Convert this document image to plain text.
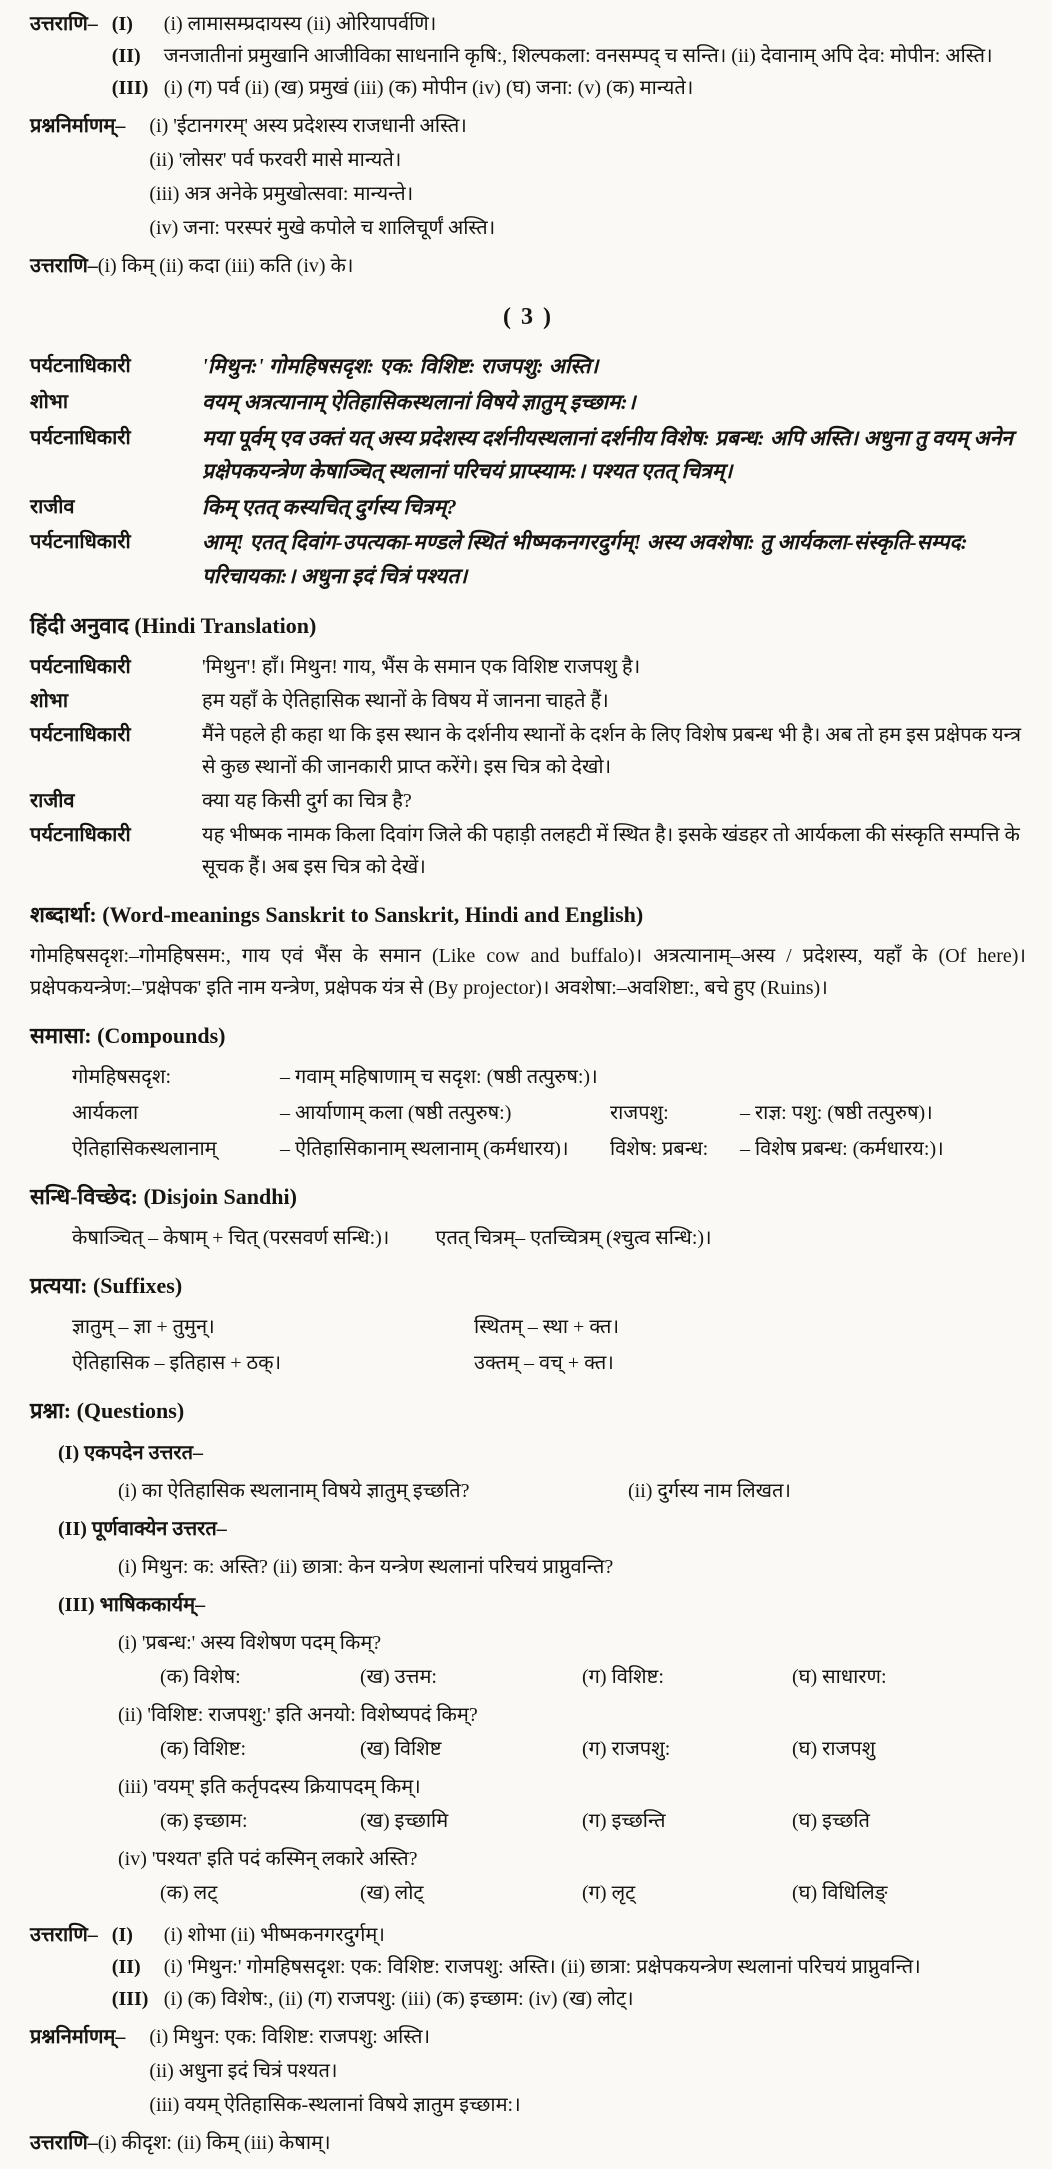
उत्तराणि– (I)	(i) लामासम्प्रदायस्य (ii) ओरियापर्वणि।
(II)	जनजातीनां प्रमुखानि आजीविका साधनानि कृषि:, शिल्पकला: वनसम्पद् च सन्ति। (ii) देवानाम् अपि देव: मोपीन: अस्ति।
(III) (i) (ग) पर्व (ii) (ख) प्रमुखं (iii) (क) मोपीन (iv) (घ) जना: (v) (क) मान्यते।
प्रश्ननिर्माणम्–	(i) 'ईटानगरम्' अस्य प्रदेशस्य राजधानी अस्ति।
(ii) 'लोसर' पर्व फरवरी मासे मान्यते।
(iii) अत्र अनेके प्रमुखोत्सवा: मान्यन्ते।
(iv) जना: परस्परं मुखे कपोले च शालिचूर्णं अस्ति।
उत्तराणि–(i) किम् (ii) कदा (iii) कति (iv) के।
( 3 )
पर्यटनाधिकारी	'मिथुन:' गोमहिषसदृश: एक: विशिष्ट: राजपशु: अस्ति।
शोभा	वयम् अत्रत्यानाम् ऐतिहासिकस्थलानां विषये ज्ञातुम् इच्छाम:।
पर्यटनाधिकारी	मया पूर्वम् एव उक्तं यत् अस्य प्रदेशस्य दर्शनीयस्थलानां दर्शनीय विशेष: प्रबन्ध: अपि अस्ति। अधुना तु वयम् अनेन प्रक्षेपकयन्त्रेण केषाञ्चित् स्थलानां परिचयं प्राप्स्याम:। पश्यत एतत् चित्रम्।
राजीव	किम् एतत् कस्यचित् दुर्गस्य चित्रम्?
पर्यटनाधिकारी	आम्! एतत् दिवांग-उपत्यका-मण्डले स्थितं भीष्मकनगरदुर्गम्! अस्य अवशेषा: तु आर्यकला-संस्कृति-सम्पद: परिचायका:। अधुना इदं चित्रं पश्यत।
हिंदी अनुवाद (Hindi Translation)
पर्यटनाधिकारी	'मिथुन'! हाँ। मिथुन! गाय, भैंस के समान एक विशिष्ट राजपशु है।
शोभा	हम यहाँ के ऐतिहासिक स्थानों के विषय में जानना चाहते हैं।
पर्यटनाधिकारी	मैंने पहले ही कहा था कि इस स्थान के दर्शनीय स्थानों के दर्शन के लिए विशेष प्रबन्ध भी है। अब तो हम इस प्रक्षेपक यन्त्र से कुछ स्थानों की जानकारी प्राप्त करेंगे। इस चित्र को देखो।
राजीव	क्या यह किसी दुर्ग का चित्र है?
पर्यटनाधिकारी	यह भीष्मक नामक किला दिवांग जिले की पहाड़ी तलहटी में स्थित है। इसके खंडहर तो आर्यकला की संस्कृति सम्पत्ति के सूचक हैं। अब इस चित्र को देखें।
शब्दार्था: (Word-meanings Sanskrit to Sanskrit, Hindi and English)
गोमहिषसदृश:–गोमहिषसम:, गाय एवं भैंस के समान (Like cow and buffalo)। अत्रत्यानाम्–अस्य / प्रदेशस्य, यहाँ के (Of here)। प्रक्षेपकयन्त्रेण:–'प्रक्षेपक' इति नाम यन्त्रेण, प्रक्षेपक यंत्र से (By projector)। अवशेषा:–अवशिष्टा:, बचे हुए (Ruins)।
समासा: (Compounds)
गोमहिषसदृश:	– गवाम् महिषाणाम् च सदृश: (षष्ठी तत्पुरुष:)।
आर्यकला	– आर्याणाम् कला (षष्ठी तत्पुरुष:)	राजपशु:	– राज्ञ: पशु: (षष्ठी तत्पुरुष)।
ऐतिहासिकस्थलानाम्	– ऐतिहासिकानाम् स्थलानाम् (कर्मधारय)।	विशेष: प्रबन्ध:	– विशेष प्रबन्ध: (कर्मधारय:)।
सन्धि-विच्छेद: (Disjoin Sandhi)
केषाञ्चित् – केषाम् + चित् (परसवर्ण सन्धि:)। एतत् चित्रम्– एतच्चित्रम् (श्चुत्व सन्धि:)।
प्रत्यया: (Suffixes)
ज्ञातुम् – ज्ञा + तुमुन्।	स्थितम् – स्था + क्त।
ऐतिहासिक – इतिहास + ठक्।	उक्तम् – वच् + क्त।
प्रश्ना: (Questions)
(I) एकपदेन उत्तरत–
(i) का ऐतिहासिक स्थलानाम् विषये ज्ञातुम् इच्छति?	(ii) दुर्गस्य नाम लिखत।
(II) पूर्णवाक्येन उत्तरत–
(i) मिथुन: क: अस्ति? (ii) छात्रा: केन यन्त्रेण स्थलानां परिचयं प्राप्नुवन्ति?
(III) भाषिककार्यम्–
(i) 'प्रबन्ध:' अस्य विशेषण पदम् किम्?
(क) विशेष:	(ख) उत्तम:	(ग) विशिष्ट:	(घ) साधारण:
(ii) 'विशिष्ट: राजपशु:' इति अनयो: विशेष्यपदं किम्?
(क) विशिष्ट:	(ख) विशिष्ट	(ग) राजपशु:	(घ) राजपशु
(iii) 'वयम्' इति कर्तृपदस्य क्रियापदम् किम्।
(क) इच्छाम:	(ख) इच्छामि	(ग) इच्छन्ति	(घ) इच्छति
(iv) 'पश्यत' इति पदं कस्मिन् लकारे अस्ति?
(क) लट्	(ख) लोट्	(ग) लृट्	(घ) विधिलिङ्
उत्तराणि– (I)	(i) शोभा (ii) भीष्मकनगरदुर्गम्।
(II)	(i) 'मिथुन:' गोमहिषसदृश: एक: विशिष्ट: राजपशु: अस्ति। (ii) छात्रा: प्रक्षेपकयन्त्रेण स्थलानां परिचयं प्राप्नुवन्ति।
(III) (i) (क) विशेष:, (ii) (ग) राजपशु: (iii) (क) इच्छाम: (iv) (ख) लोट्।
प्रश्ननिर्माणम्–	(i) मिथुन: एक: विशिष्ट: राजपशु: अस्ति।
(ii) अधुना इदं चित्रं पश्यत।
(iii) वयम् ऐतिहासिक-स्थलानां विषये ज्ञातुम इच्छाम:।
उत्तराणि–(i) कीदृश: (ii) किम् (iii) केषाम्।
